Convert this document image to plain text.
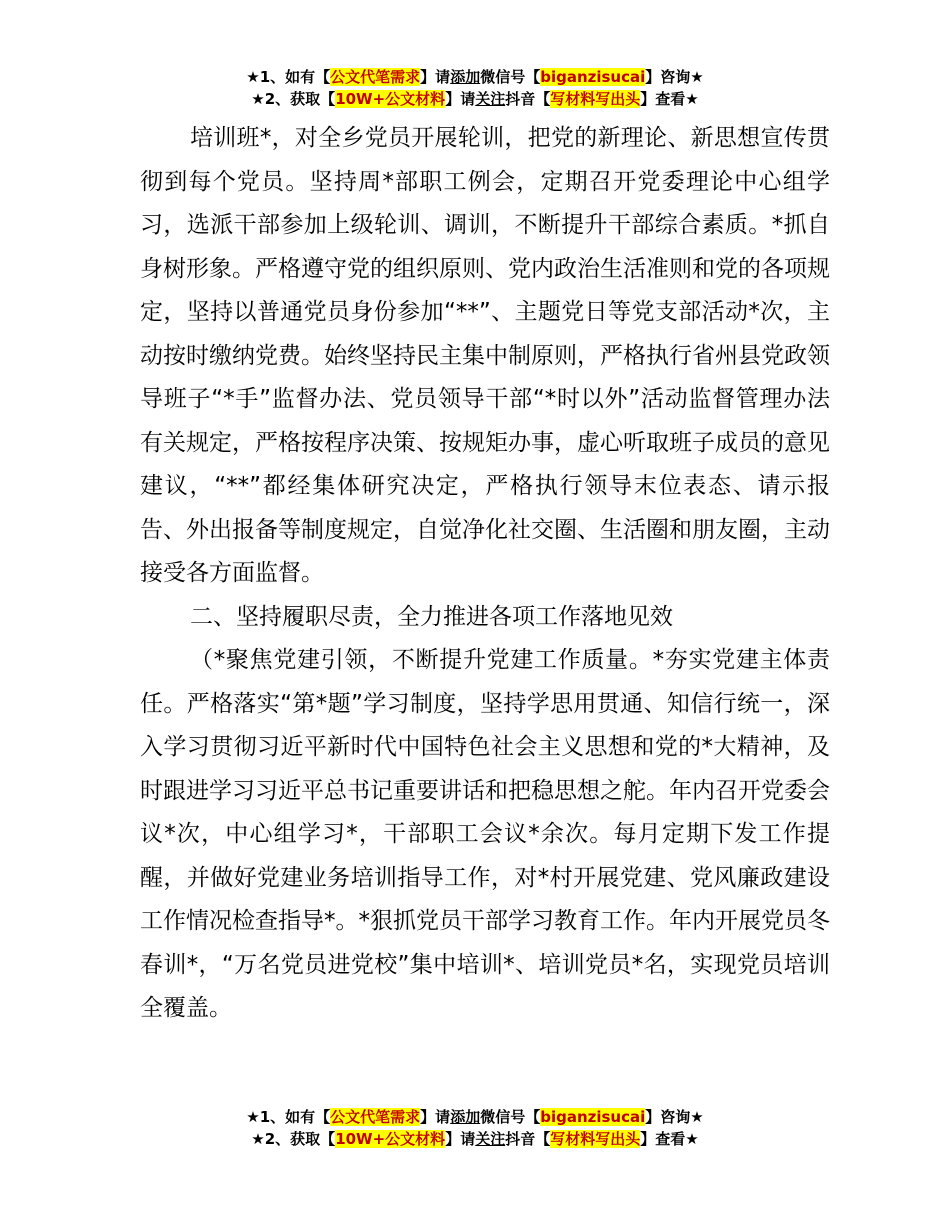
★1、如有【公文代笔需求】请添加微信号【biganzisucai】咨询★
★2、获取【10W+公文材料】请关注抖音【写材料写出头】查看★

培训班*，对全乡党员开展轮训，把党的新理论、新思想宣传贯彻到每个党员。坚持周*部职工例会，定期召开党委理论中心组学习，选派干部参加上级轮训、调训，不断提升干部综合素质。*抓自身树形象。严格遵守党的组织原则、党内政治生活准则和党的各项规定，坚持以普通党员身份参加“**”、主题党日等党支部活动*次，主动按时缴纳党费。始终坚持民主集中制原则，严格执行省州县党政领导班子“*手”监督办法、党员领导干部“*时以外”活动监督管理办法有关规定，严格按程序决策、按规矩办事，虚心听取班子成员的意见建议，“**”都经集体研究决定，严格执行领导末位表态、请示报告、外出报备等制度规定，自觉净化社交圈、生活圈和朋友圈，主动接受各方面监督。

二、坚持履职尽责，全力推进各项工作落地见效

（*聚焦党建引领，不断提升党建工作质量。*夯实党建主体责任。严格落实“第*题”学习制度，坚持学思用贯通、知信行统一，深入学习贯彻习近平新时代中国特色社会主义思想和党的*大精神，及时跟进学习习近平总书记重要讲话和把稳思想之舵。年内召开党委会议*次，中心组学习*，干部职工会议*余次。每月定期下发工作提醒，并做好党建业务培训指导工作，对*村开展党建、党风廉政建设工作情况检查指导*。*狠抓党员干部学习教育工作。年内开展党员冬春训*，“万名党员进党校”集中培训*、培训党员*名，实现党员培训全覆盖。

★1、如有【公文代笔需求】请添加微信号【biganzisucai】咨询★
★2、获取【10W+公文材料】请关注抖音【写材料写出头】查看★
